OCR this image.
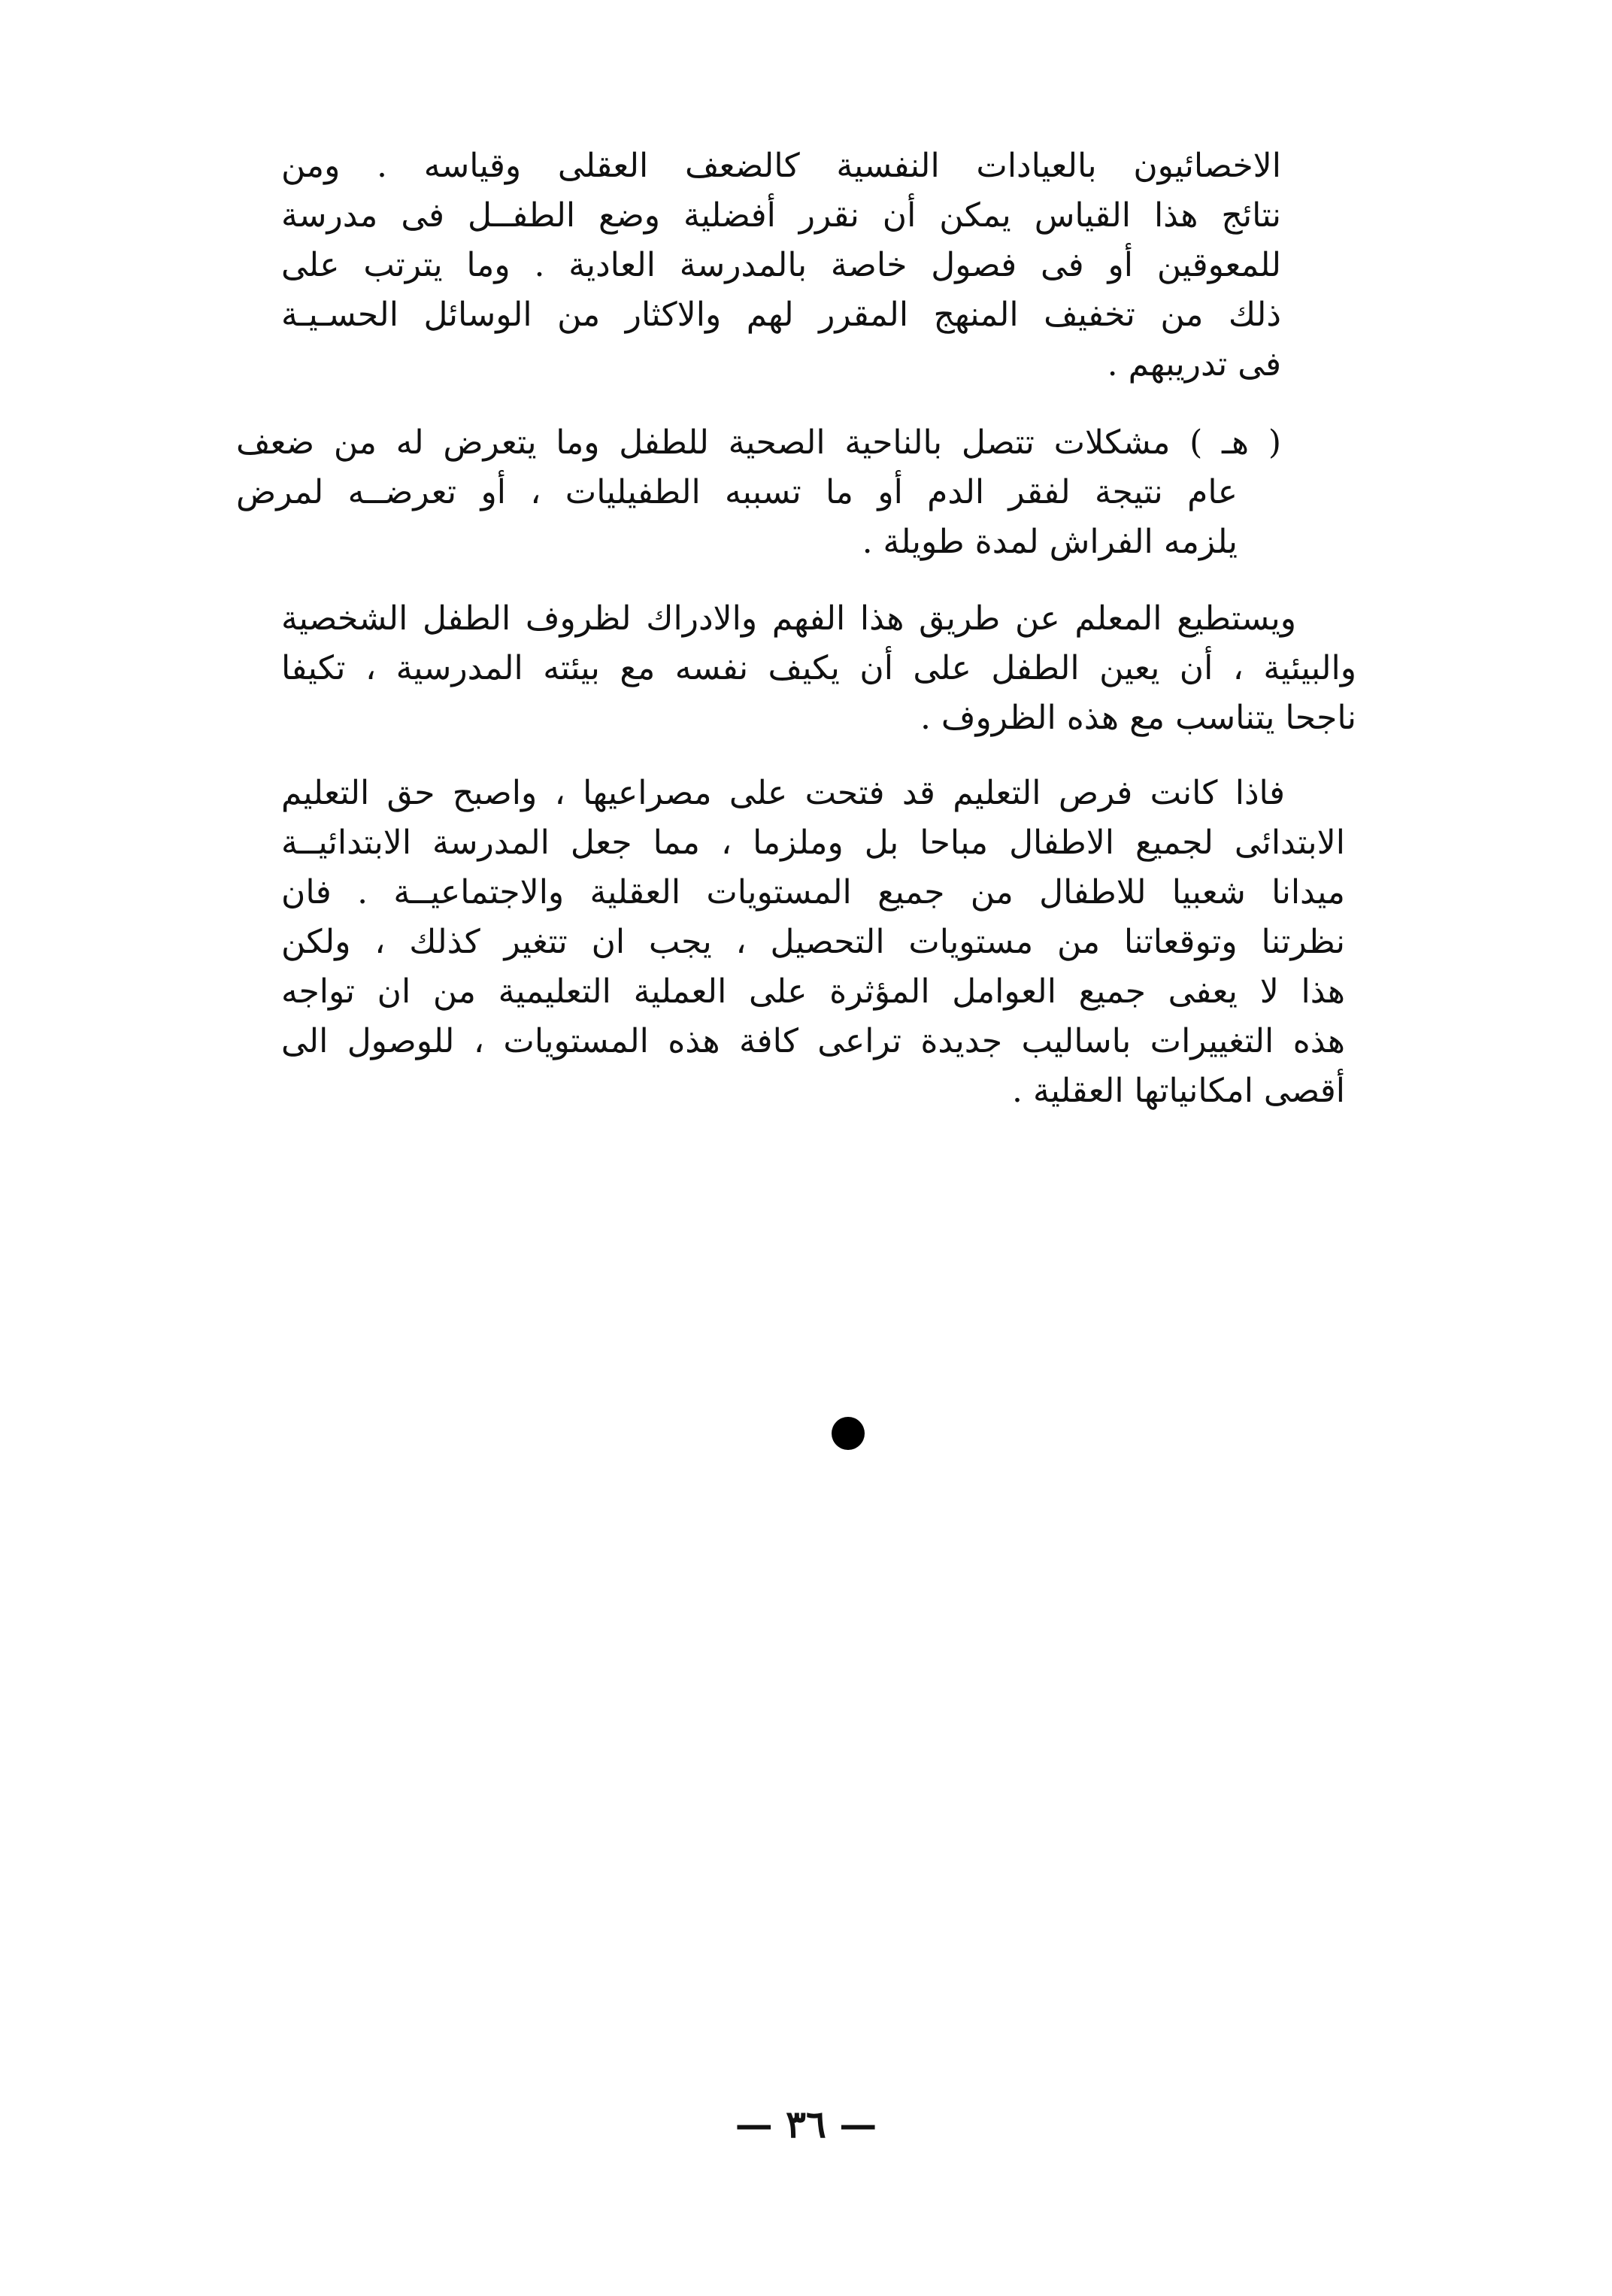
الاخصائيون بالعيادات النفسية كالضعف العقلى وقياسه . ومن
نتائج هذا القياس يمكن أن نقرر أفضلية وضع الطفــل فى مدرسة
للمعوقين أو فى فصول خاصة بالمدرسة العادية . وما يترتب على
ذلك من تخفيف المنهج المقرر لهم والاكثار من الوسائل الحسـيـة
فى تدريبهم .
( هـ ) مشكلات تتصل بالناحية الصحية للطفل وما يتعرض له من ضعف
عام نتيجة لفقر الدم أو ما تسببه الطفيليات ، أو تعرضــه لمرض
يلزمه الفراش لمدة طويلة .
ويستطيع المعلم عن طريق هذا الفهم والادراك لظروف الطفل الشخصية
والبيئية ، أن يعين الطفل على أن يكيف نفسه مع بيئته المدرسية ، تكيفا
ناجحا يتناسب مع هذه الظروف .
فاذا كانت فرص التعليم قد فتحت على مصراعيها ، واصبح حق التعليم
الابتدائى لجميع الاطفال مباحا بل وملزما ، مما جعل المدرسة الابتدائيــة
ميدانا شعبيا للاطفال من جميع المستويات العقلية والاجتماعيــة . فان
نظرتنا وتوقعاتنا من مستويات التحصيل ، يجب ان تتغير كذلك ، ولكن
هذا لا يعفى جميع العوامل المؤثرة على العملية التعليمية من ان تواجه
هذه التغييرات باساليب جديدة تراعى كافة هذه المستويات ، للوصول الى
أقصى امكانياتها العقلية .
— ٣٦ —
